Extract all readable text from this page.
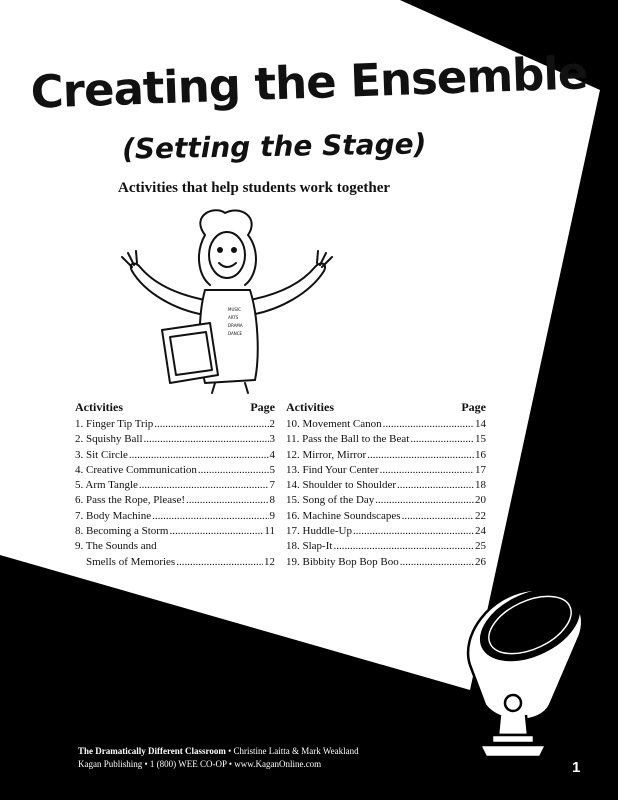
Creating the Ensemble
(Setting the Stage)

Activities that help students work together

MUSIC
ARTS
DRAMA
DANCE
Activities	Page
1. Finger Tip Trip .....	2
2. Squishy Ball .....	3
3. Sit Circle .....	4
4. Creative Communication .....	5
5. Arm Tangle .....	7
6. Pass the Rope, Please! .....	8
7. Body Machine .....	9
8. Becoming a Storm .....	11
9. The Sounds and
Smells of Memories .....	12
Activities	Page
10. Movement Canon .....	14
11. Pass the Ball to the Beat .....	15
12. Mirror, Mirror .....	16
13. Find Your Center .....	17
14. Shoulder to Shoulder .....	18
15. Song of the Day .....	20
16. Machine Soundscapes .....	22
17. Huddle-Up .....	24
18. Slap-It .....	25
19. Bibbity Bop Bop Boo .....	26
The Dramatically Different Classroom • Christine Laitta & Mark Weakland
Kagan Publishing • 1 (800) WEE CO-OP • www.KaganOnline.com	1
